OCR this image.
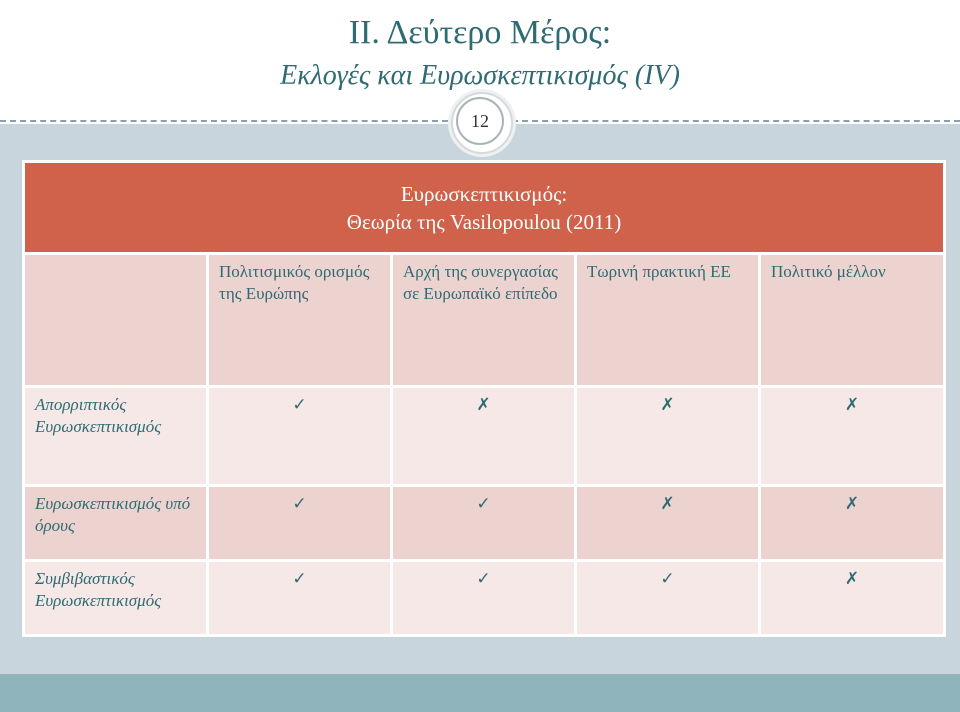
ΙΙ. Δεύτερο Μέρος:
Εκλογές και Ευρωσκεπτικισμός (IV)
12
Ευρωσκεπτικισμός:
Θεωρία της Vasilopoulou (2011)				

	Πολιτισμικός ορισμός της Ευρώπης	Αρχή της συνεργασίας σε Ευρωπαϊκό επίπεδο	Τωρινή πρακτική ΕΕ	Πολιτικό μέλλον
Απορριπτικός Ευρωσκεπτικισμός	✓	✗	✗	✗
Ευρωσκεπτικισμός υπό όρους	✓	✓	✗	✗
Συμβιβαστικός Ευρωσκεπτικισμός	✓	✓	✓	✗
